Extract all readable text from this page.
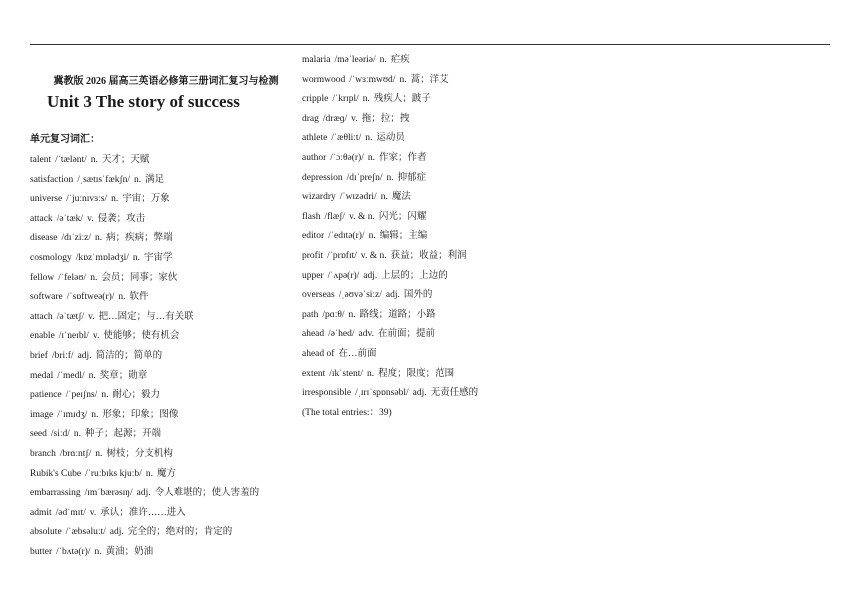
冀教版 2026 届高三英语必修第三册词汇复习与检测
Unit 3 The story of success
单元复习词汇：
talent /ˈtælənt/ n. 天才；天赋
satisfaction /ˌsætɪsˈfækʃn/ n. 满足
universe /ˈjuːnɪvɜːs/ n. 宇宙；万象
attack /əˈtæk/ v. 侵袭；攻击
disease /dɪˈziːz/ n. 病；疾病；弊端
cosmology /kɒzˈmɒlədʒi/ n. 宇宙学
fellow /ˈfeləʊ/ n. 会员；同事；家伙
software /ˈsɒftweə(r)/ n. 软件
attach /əˈtætʃ/ v. 把…固定；与…有关联
enable /ɪˈneɪbl/ v. 使能够；使有机会
brief /briːf/ adj. 简洁的；简单的
medal /ˈmedl/ n. 奖章；勋章
patience /ˈpeɪʃns/ n. 耐心；毅力
image /ˈɪmɪdʒ/ n. 形象；印象；图像
seed /siːd/ n. 种子；起源；开端
branch /brɑːntʃ/ n. 树枝；分支机构
Rubik's Cube /ˈruːbɪks kjuːb/ n. 魔方
embarrassing /ɪmˈbærəsɪŋ/ adj. 令人难堪的；使人害羞的
admit /ədˈmɪt/ v. 承认；准许……进入
absolute /ˈæbsəluːt/ adj. 完全的；绝对的；肯定的
butter /ˈbʌtə(r)/ n. 黄油；奶油
malaria /məˈleəriə/ n. 疟疾
wormwood /ˈwɜːmwʊd/ n. 蒿；洋艾
cripple /ˈkrɪpl/ n. 残疾人；跛子
drag /dræɡ/ v. 拖；拉；拽
athlete /ˈæθliːt/ n. 运动员
author /ˈɔːθə(r)/ n. 作家；作者
depression /dɪˈpreʃn/ n. 抑郁症
wizardry /ˈwɪzədri/ n. 魔法
flash /flæʃ/ v. & n. 闪光；闪耀
editor /ˈedɪtə(r)/ n. 编辑；主编
profit /ˈprɒfɪt/ v. & n. 获益；收益；利润
upper /ˈʌpə(r)/ adj. 上层的；上边的
overseas /ˌəʊvəˈsiːz/ adj. 国外的
path /pɑːθ/ n. 路线；道路；小路
ahead /əˈhed/ adv. 在前面；提前
ahead of 在…前面
extent /ɪkˈstent/ n. 程度；限度；范围
irresponsible /ˌɪrɪˈspɒnsəbl/ adj. 无责任感的
(The total entries:：39)
